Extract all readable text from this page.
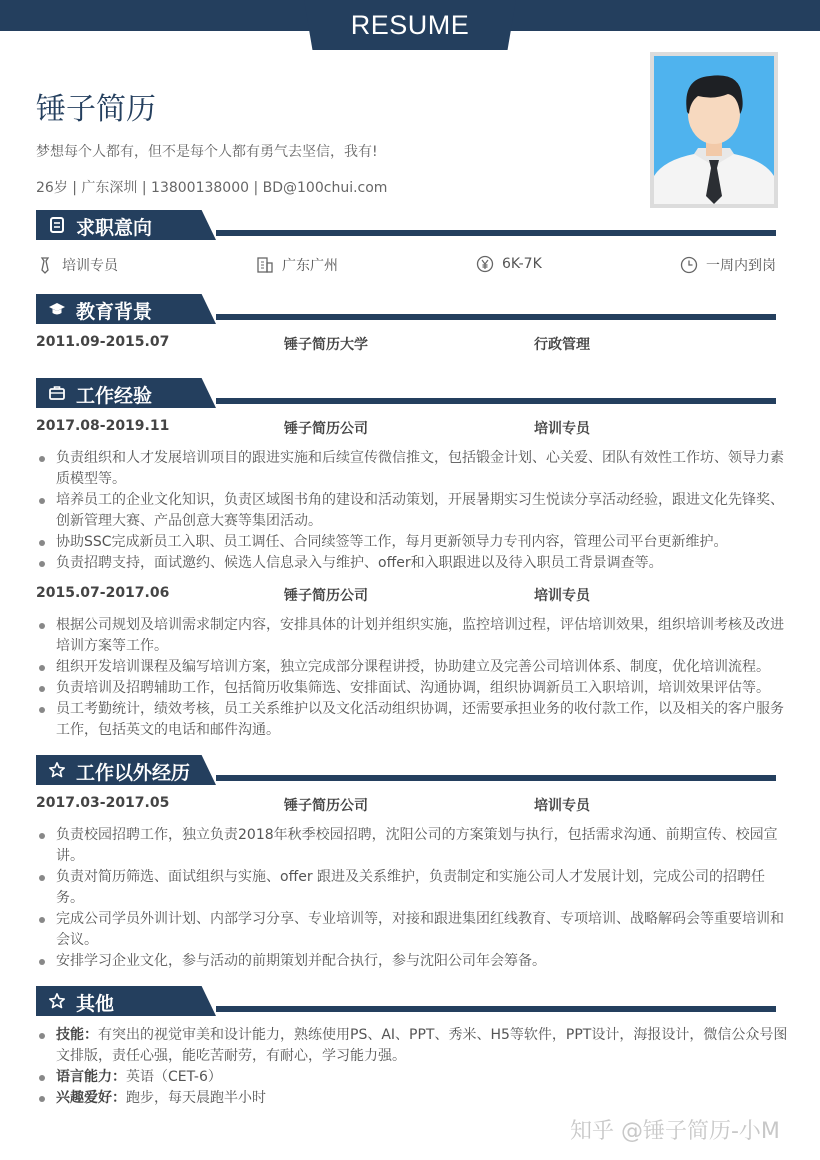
RESUME
锤子简历
梦想每个人都有，但不是每个人都有勇气去坚信，我有!
26岁 | 广东深圳 | 13800138000 | BD@100chui.com
求职意向
培训专员	广东广州	6K-7K	一周内到岗
教育背景
2011.09-2015.07	锤子简历大学	行政管理
工作经验
2017.08-2019.11	锤子简历公司	培训专员
负责组织和人才发展培训项目的跟进实施和后续宣传微信推文，包括锻金计划、心关爱、团队有效性工作坊、领导力素质模型等。
培养员工的企业文化知识，负责区域图书角的建设和活动策划，开展暑期实习生悦读分享活动经验，跟进文化先锋奖、创新管理大赛、产品创意大赛等集团活动。
协助SSC完成新员工入职、员工调任、合同续签等工作，每月更新领导力专刊内容，管理公司平台更新维护。
负责招聘支持，面试邀约、候选人信息录入与维护、offer和入职跟进以及待入职员工背景调查等。
2015.07-2017.06	锤子简历公司	培训专员
根据公司规划及培训需求制定内容，安排具体的计划并组织实施，监控培训过程，评估培训效果，组织培训考核及改进培训方案等工作。
组织开发培训课程及编写培训方案，独立完成部分课程讲授，协助建立及完善公司培训体系、制度，优化培训流程。
负责培训及招聘辅助工作，包括简历收集筛选、安排面试、沟通协调，组织协调新员工入职培训，培训效果评估等。
员工考勤统计，绩效考核，员工关系维护以及文化活动组织协调，还需要承担业务的收付款工作，以及相关的客户服务工作，包括英文的电话和邮件沟通。
工作以外经历
2017.03-2017.05	锤子简历公司	培训专员
负责校园招聘工作，独立负责2018年秋季校园招聘，沈阳公司的方案策划与执行，包括需求沟通、前期宣传、校园宣讲。
负责对简历筛选、面试组织与实施、offer 跟进及关系维护，负责制定和实施公司人才发展计划，完成公司的招聘任务。
完成公司学员外训计划、内部学习分享、专业培训等，对接和跟进集团红线教育、专项培训、战略解码会等重要培训和会议。
安排学习企业文化，参与活动的前期策划并配合执行，参与沈阳公司年会筹备。
其他
技能：有突出的视觉审美和设计能力，熟练使用PS、AI、PPT、秀米、H5等软件，PPT设计，海报设计，微信公众号图文排版，责任心强，能吃苦耐劳，有耐心，学习能力强。
语言能力：英语（CET-6）
兴趣爱好：跑步，每天晨跑半小时
知乎 @锤子简历-小M
